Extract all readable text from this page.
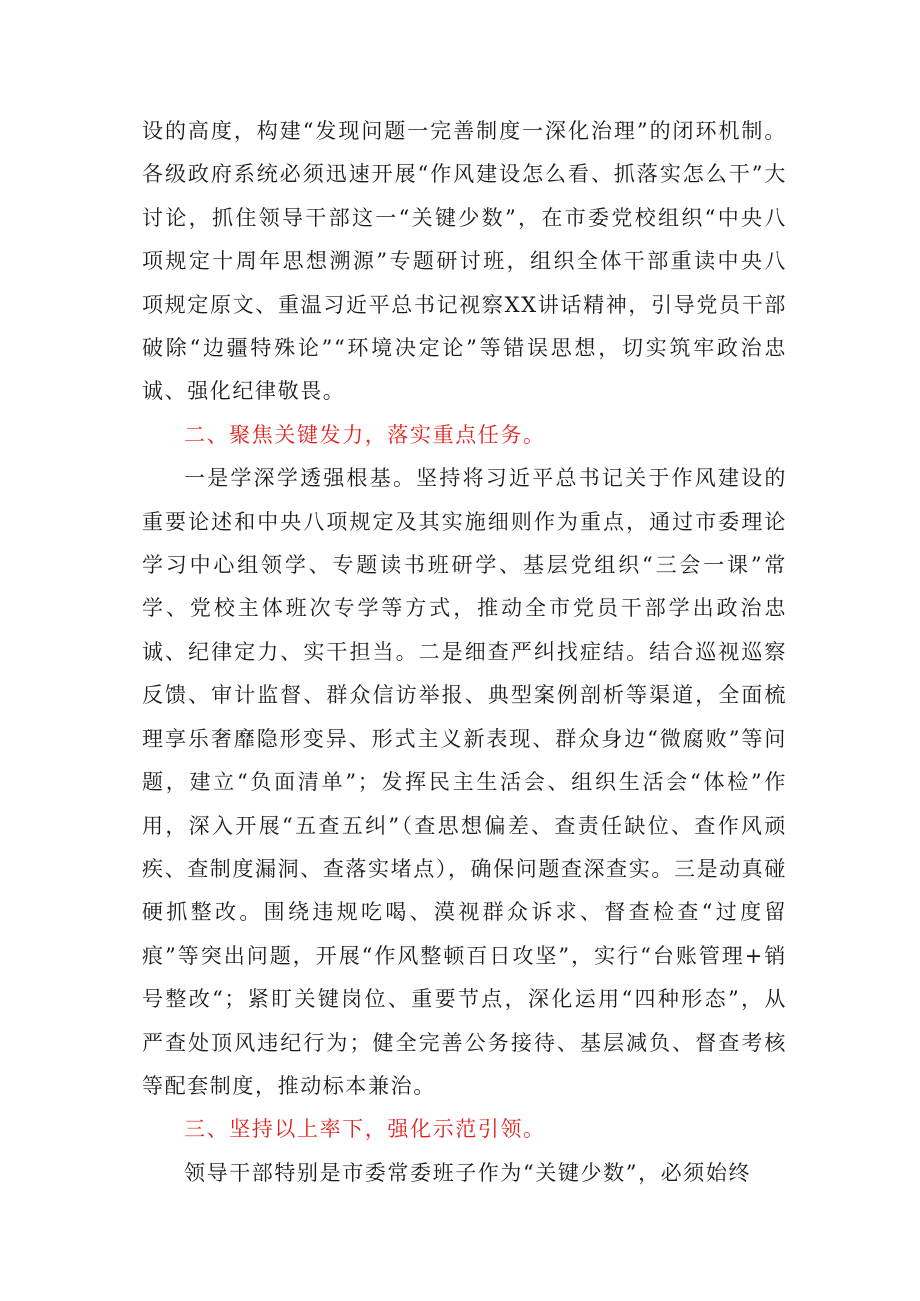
设的高度，构建“发现问题一完善制度一深化治理”的闭环机制。各级政府系统必须迅速开展“作风建设怎么看、抓落实怎么干”大讨论，抓住领导干部这一“关键少数”，在市委党校组织“中央八项规定十周年思想溯源”专题研讨班，组织全体干部重读中央八项规定原文、重温习近平总书记视察XX讲话精神，引导党员干部破除“边疆特殊论”“环境决定论”等错误思想，切实筑牢政治忠诚、强化纪律敬畏。

二、聚焦关键发力，落实重点任务。

一是学深学透强根基。坚持将习近平总书记关于作风建设的重要论述和中央八项规定及其实施细则作为重点，通过市委理论学习中心组领学、专题读书班研学、基层党组织“三会一课”常学、党校主体班次专学等方式，推动全市党员干部学出政治忠诚、纪律定力、实干担当。二是细查严纠找症结。结合巡视巡察反馈、审计监督、群众信访举报、典型案例剖析等渠道，全面梳理享乐奢靡隐形变异、形式主义新表现、群众身边“微腐败”等问题，建立“负面清单”；发挥民主生活会、组织生活会“体检”作用，深入开展“五查五纠”（查思想偏差、查责任缺位、查作风顽疾、查制度漏洞、查落实堵点），确保问题查深查实。三是动真碰硬抓整改。围绕违规吃喝、漠视群众诉求、督查检查“过度留痕”等突出问题，开展“作风整顿百日攻坚”，实行“台账管理+销号整改“；紧盯关键岗位、重要节点，深化运用“四种形态”，从严查处顶风违纪行为；健全完善公务接待、基层减负、督查考核等配套制度，推动标本兼治。

三、坚持以上率下，强化示范引领。

领导干部特别是市委常委班子作为“关键少数”，必须始终
